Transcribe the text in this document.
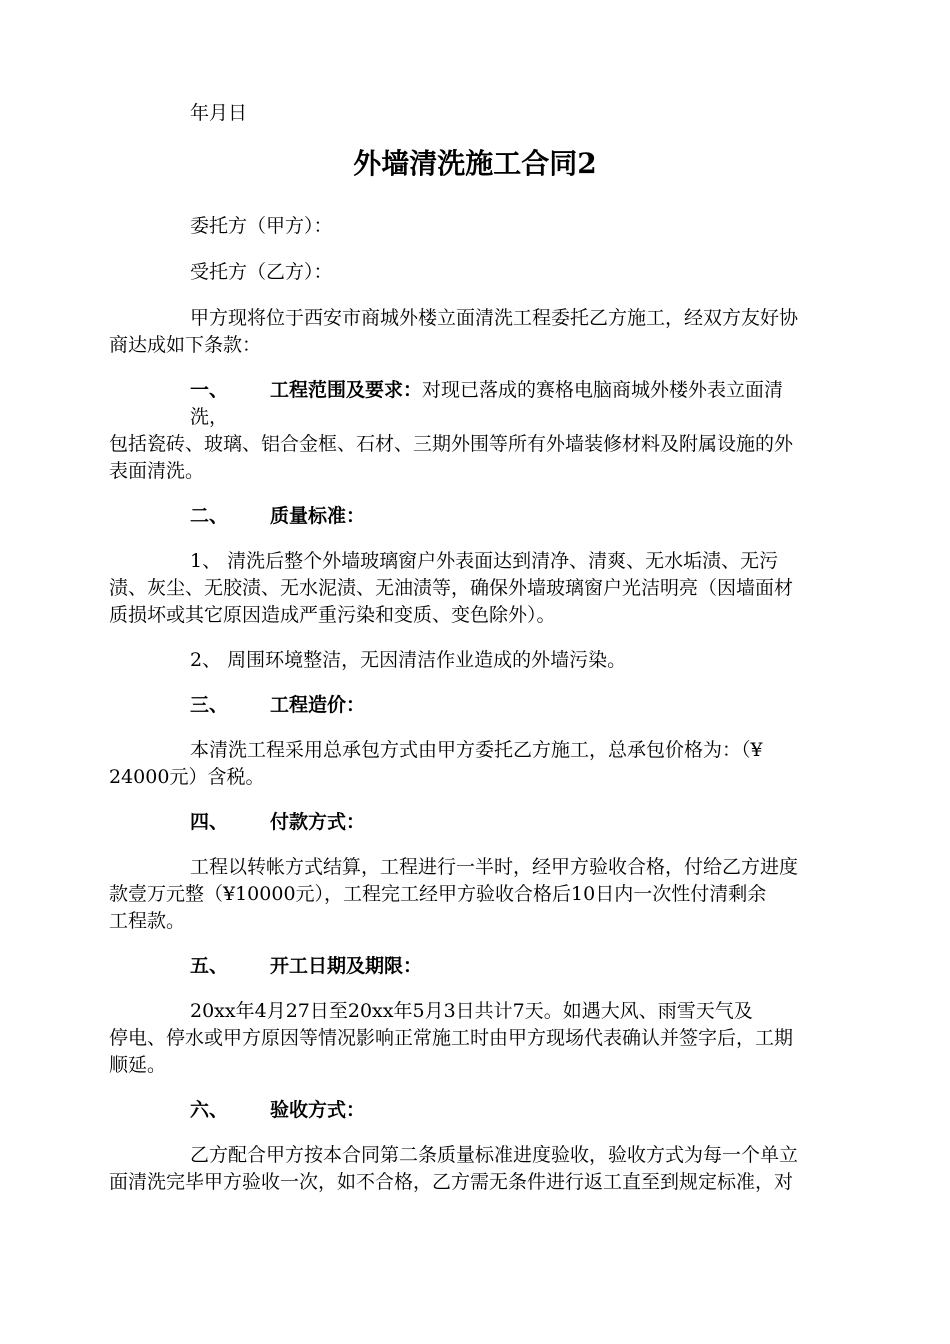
年月日
外墙清洗施工合同2
委托方（甲方）：
受托方（乙方）：
甲方现将位于西安市商城外楼立面清洗工程委托乙方施工，经双方友好协
商达成如下条款：
一、 工程范围及要求：对现已落成的赛格电脑商城外楼外表立面清
洗，
包括瓷砖、玻璃、铝合金框、石材、三期外围等所有外墙装修材料及附属设施的外
表面清洗。
二、 质量标准：
1、 清洗后整个外墙玻璃窗户外表面达到清净、清爽、无水垢渍、无污
渍、灰尘、无胶渍、无水泥渍、无油渍等，确保外墙玻璃窗户光洁明亮（因墙面材
质损坏或其它原因造成严重污染和变质、变色除外）。
2、 周围环境整洁，无因清洁作业造成的外墙污染。
三、 工程造价：
本清洗工程采用总承包方式由甲方委托乙方施工，总承包价格为：（¥
24000元）含税。
四、 付款方式：
工程以转帐方式结算，工程进行一半时，经甲方验收合格，付给乙方进度
款壹万元整（¥10000元），工程完工经甲方验收合格后10日内一次性付清剩余
工程款。
五、 开工日期及期限：
20xx年4月27日至20xx年5月3日共计7天。如遇大风、雨雪天气及
停电、停水或甲方原因等情况影响正常施工时由甲方现场代表确认并签字后，工期
顺延。
六、 验收方式：
乙方配合甲方按本合同第二条质量标准进度验收，验收方式为每一个单立
面清洗完毕甲方验收一次，如不合格，乙方需无条件进行返工直至到规定标准，对
